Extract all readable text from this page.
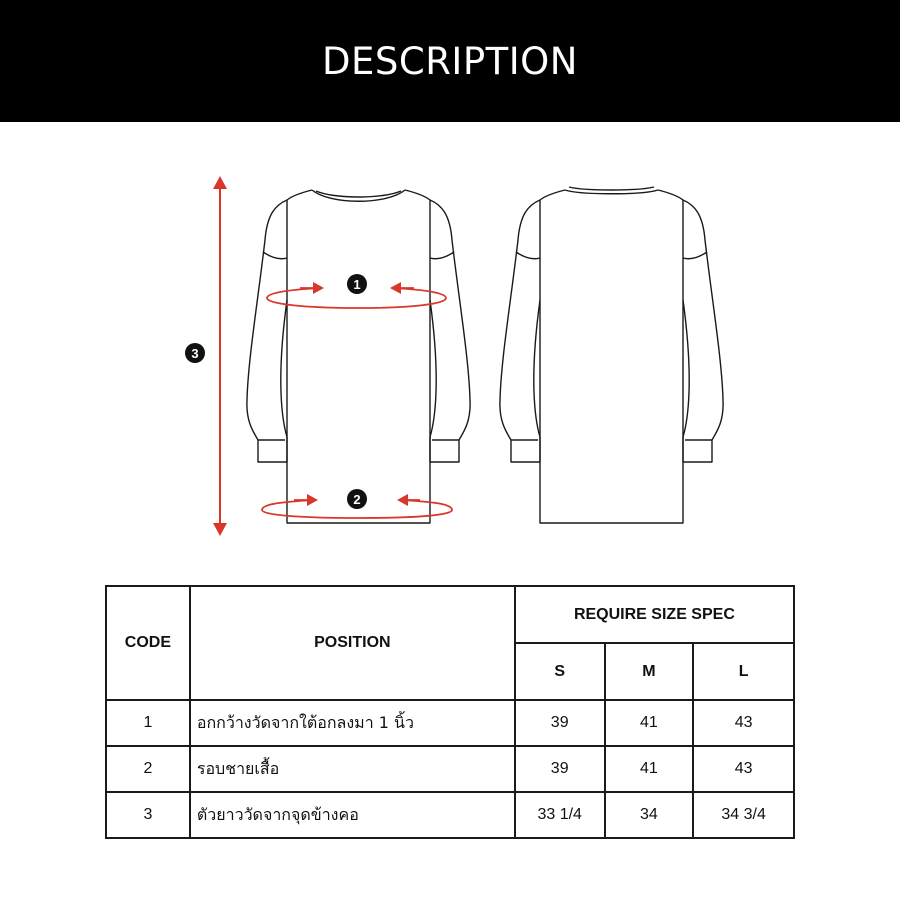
DESCRIPTION
1
2
3
CODE	POSITION	REQUIRE SIZE SPEC		
		S	M	L
1	อกกว้างวัดจากใต้อกลงมา 1 นิ้ว	39	41	43
2	รอบชายเสื้อ	39	41	43
3	ตัวยาววัดจากจุดข้างคอ	33 1/4	34	34 3/4
